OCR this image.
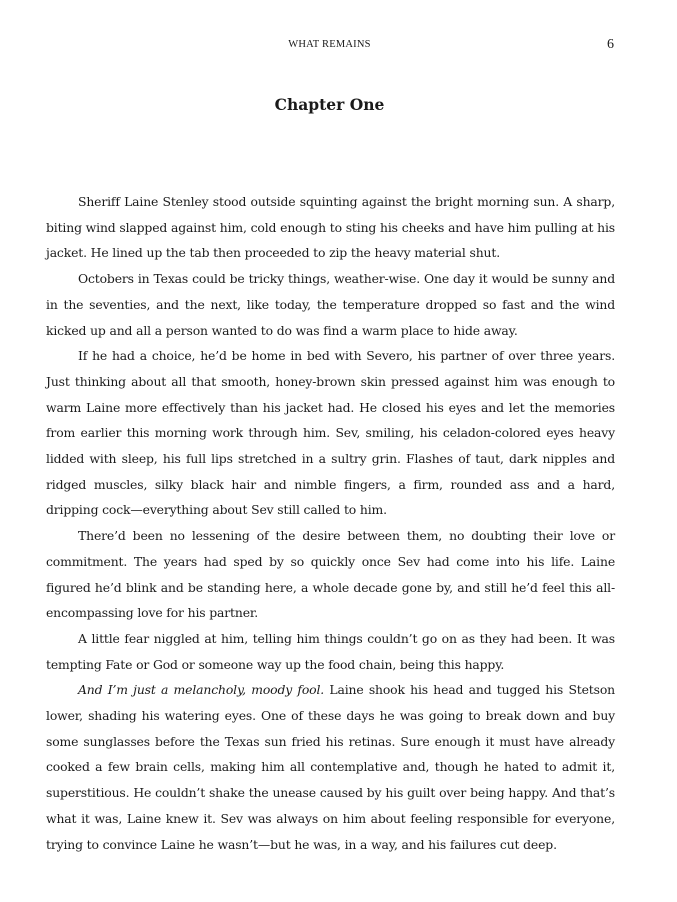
WHAT REMAINS	6
Chapter One

Sheriff Laine Stenley stood outside squinting against the bright morning sun. A sharp, biting wind slapped against him, cold enough to sting his cheeks and have him pulling at his jacket. He lined up the tab then proceeded to zip the heavy material shut.

Octobers in Texas could be tricky things, weather-wise. One day it would be sunny and in the seventies, and the next, like today, the temperature dropped so fast and the wind kicked up and all a person wanted to do was find a warm place to hide away.

If he had a choice, he’d be home in bed with Severo, his partner of over three years. Just thinking about all that smooth, honey-brown skin pressed against him was enough to warm Laine more effectively than his jacket had. He closed his eyes and let the memories from earlier this morning work through him. Sev, smiling, his celadon-colored eyes heavy lidded with sleep, his full lips stretched in a sultry grin. Flashes of taut, dark nipples and ridged muscles, silky black hair and nimble fingers, a firm, rounded ass and a hard, dripping cock—everything about Sev still called to him.

There’d been no lessening of the desire between them, no doubting their love or commitment. The years had sped by so quickly once Sev had come into his life. Laine figured he’d blink and be standing here, a whole decade gone by, and still he’d feel this all-encompassing love for his partner.

A little fear niggled at him, telling him things couldn’t go on as they had been. It was tempting Fate or God or someone way up the food chain, being this happy.

And I’m just a melancholy, moody fool. Laine shook his head and tugged his Stetson lower, shading his watering eyes. One of these days he was going to break down and buy some sunglasses before the Texas sun fried his retinas. Sure enough it must have already cooked a few brain cells, making him all contemplative and, though he hated to admit it, superstitious. He couldn’t shake the unease caused by his guilt over being happy. And that’s what it was, Laine knew it. Sev was always on him about feeling responsible for everyone, trying to convince Laine he wasn’t—but he was, in a way, and his failures cut deep.
